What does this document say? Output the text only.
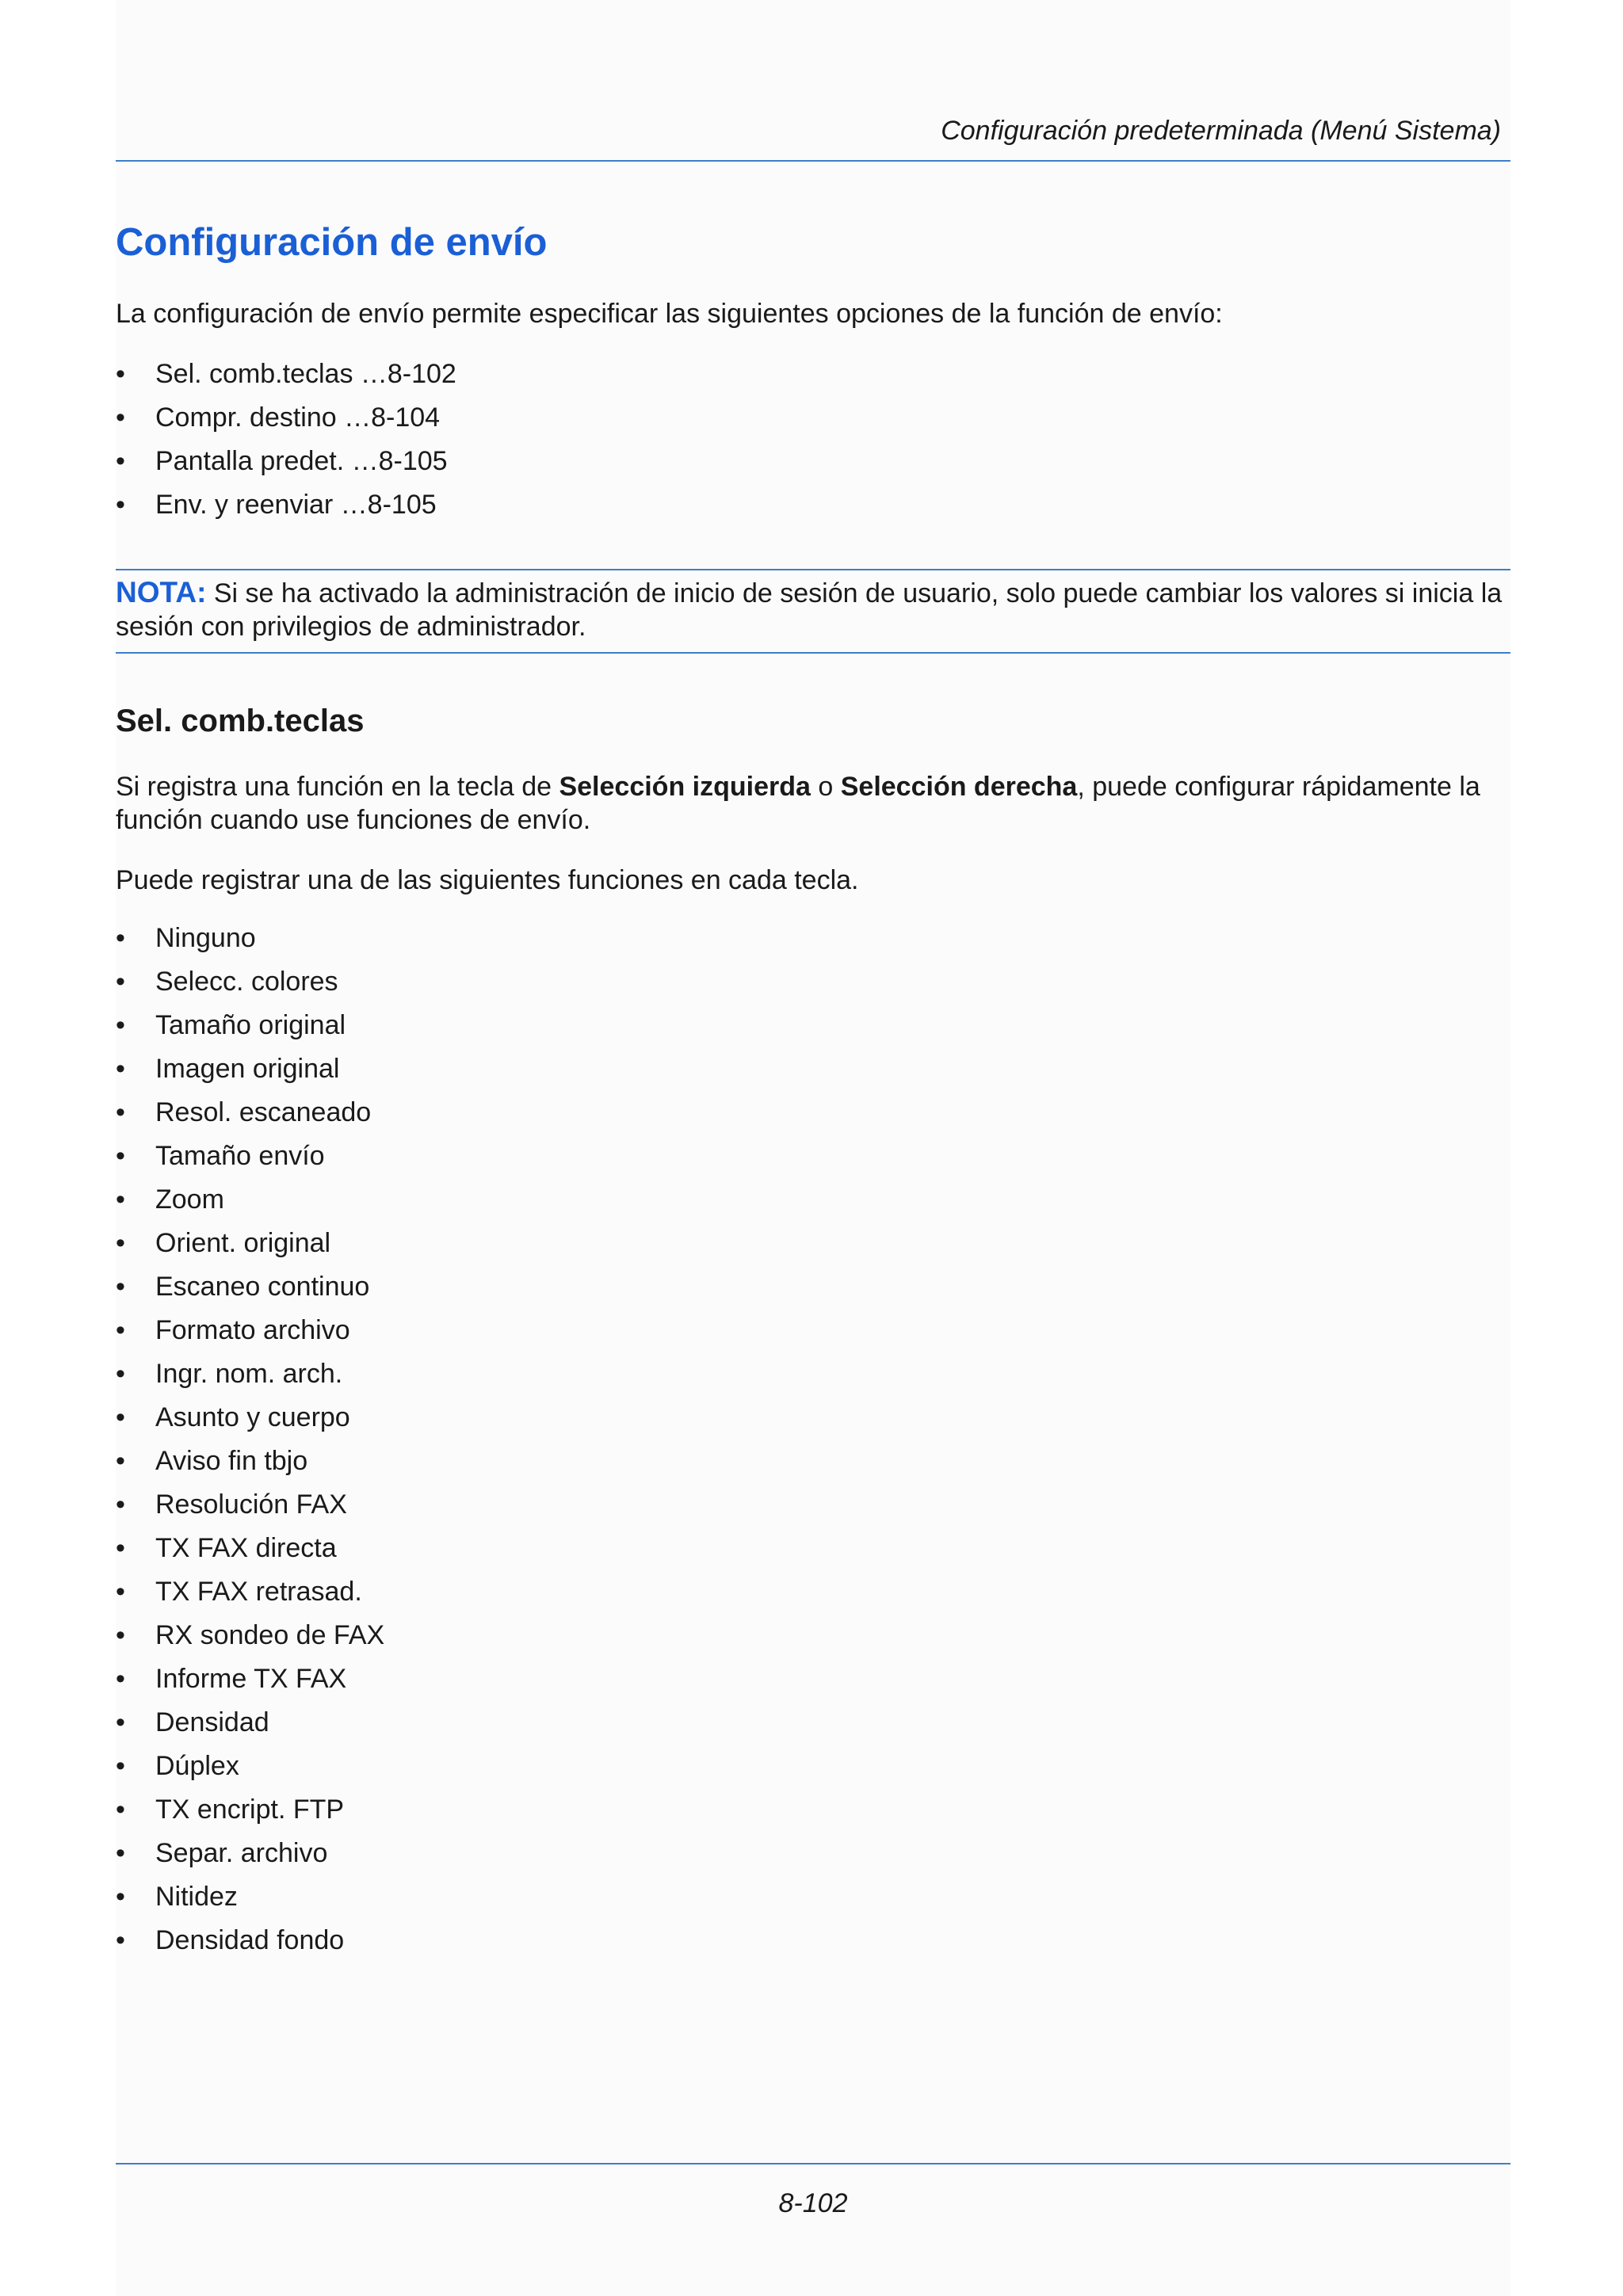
Configuración predeterminada (Menú Sistema)
Configuración de envío

La configuración de envío permite especificar las siguientes opciones de la función de envío:

• Sel. comb.teclas …8-102
• Compr. destino …8-104
• Pantalla predet. …8-105
• Env. y reenviar …8-105

NOTA: Si se ha activado la administración de inicio de sesión de usuario, solo puede cambiar los valores si inicia la sesión con privilegios de administrador.

Sel. comb.teclas

Si registra una función en la tecla de Selección izquierda o Selección derecha, puede configurar rápidamente la función cuando use funciones de envío.

Puede registrar una de las siguientes funciones en cada tecla.

• Ninguno
• Selecc. colores
• Tamaño original
• Imagen original
• Resol. escaneado
• Tamaño envío
• Zoom
• Orient. original
• Escaneo continuo
• Formato archivo
• Ingr. nom. arch.
• Asunto y cuerpo
• Aviso fin tbjo
• Resolución FAX
• TX FAX directa
• TX FAX retrasad.
• RX sondeo de FAX
• Informe TX FAX
• Densidad
• Dúplex
• TX encript. FTP
• Separ. archivo
• Nitidez
• Densidad fondo
8-102
